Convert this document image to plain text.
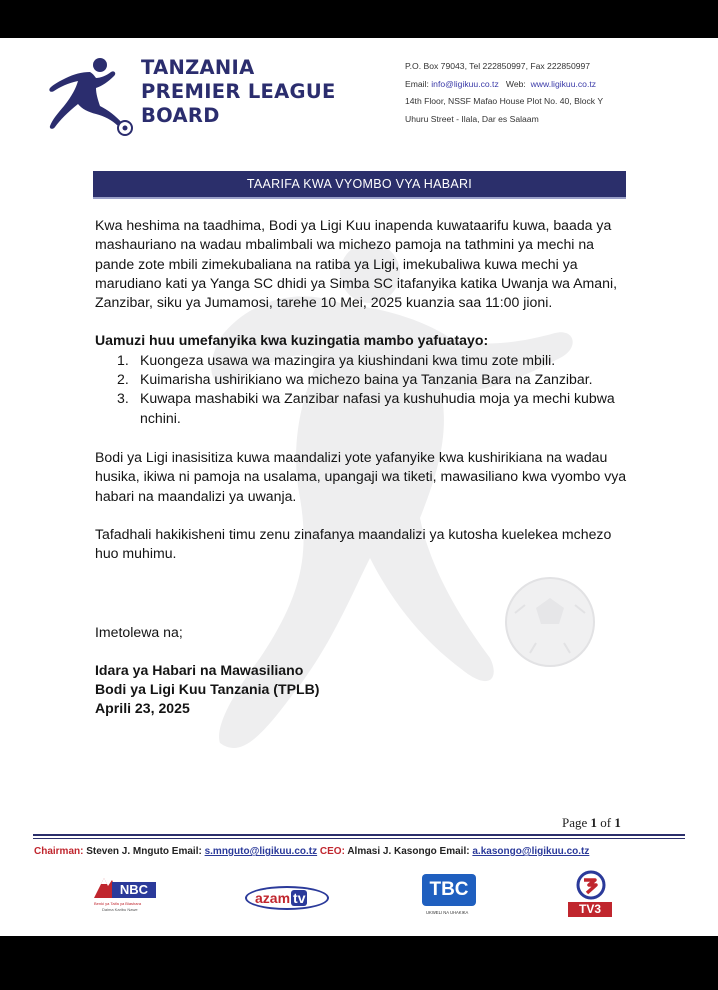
TANZANIA
PREMIER LEAGUE
BOARD
P.O. Box 79043, Tel 222850997, Fax 222850997
Email: info@ligikuu.co.tz   Web:  www.ligikuu.co.tz
14th Floor, NSSF Mafao House Plot No. 40, Block Y
Uhuru Street - Ilala, Dar es Salaam
TAARIFA KWA VYOMBO VYA HABARI

Kwa heshima na taadhima, Bodi ya Ligi Kuu inapenda kuwataarifu kuwa, baada ya mashauriano na wadau mbalimbali wa michezo pamoja na tathmini ya mechi na pande zote mbili zimekubaliana na ratiba ya Ligi, imekubaliwa kuwa mechi ya marudiano kati ya Yanga SC dhidi ya Simba SC itafanyika katika Uwanja wa Amani, Zanzibar, siku ya Jumamosi, tarehe 10 Mei, 2025 kuanzia saa 11:00 jioni.

Uamuzi huu umefanyika kwa kuzingatia mambo yafuatayo:

1. Kuongeza usawa wa mazingira ya kiushindani kwa timu zote mbili.
2. Kuimarisha ushirikiano wa michezo baina ya Tanzania Bara na Zanzibar.
3. Kuwapa mashabiki wa Zanzibar nafasi ya kushuhudia moja ya mechi kubwa nchini.

Bodi ya Ligi inasisitiza kuwa maandalizi yote yafanyike kwa kushirikiana na wadau husika, ikiwa ni pamoja na usalama, upangaji wa tiketi, mawasiliano kwa vyombo vya habari na maandalizi ya uwanja.

Tafadhali hakikisheni timu zenu zinafanya maandalizi ya kutosha kuelekea mchezo huo muhimu.

Imetolewa na;

Idara ya Habari na Mawasiliano

Bodi ya Ligi Kuu Tanzania (TPLB)

Aprili 23, 2025

Page 1 of 1
Chairman: Steven J. Mnguto Email: s.mnguto@ligikuu.co.tz CEO: Almasi J. Kasongo Email: a.kasongo@ligikuu.co.tz
NBC
Benki ya Taifa ya Biashara
Daima Karibu Nawe
azam tv	TBC
UKWELI NA UHAKIKA	TV3
